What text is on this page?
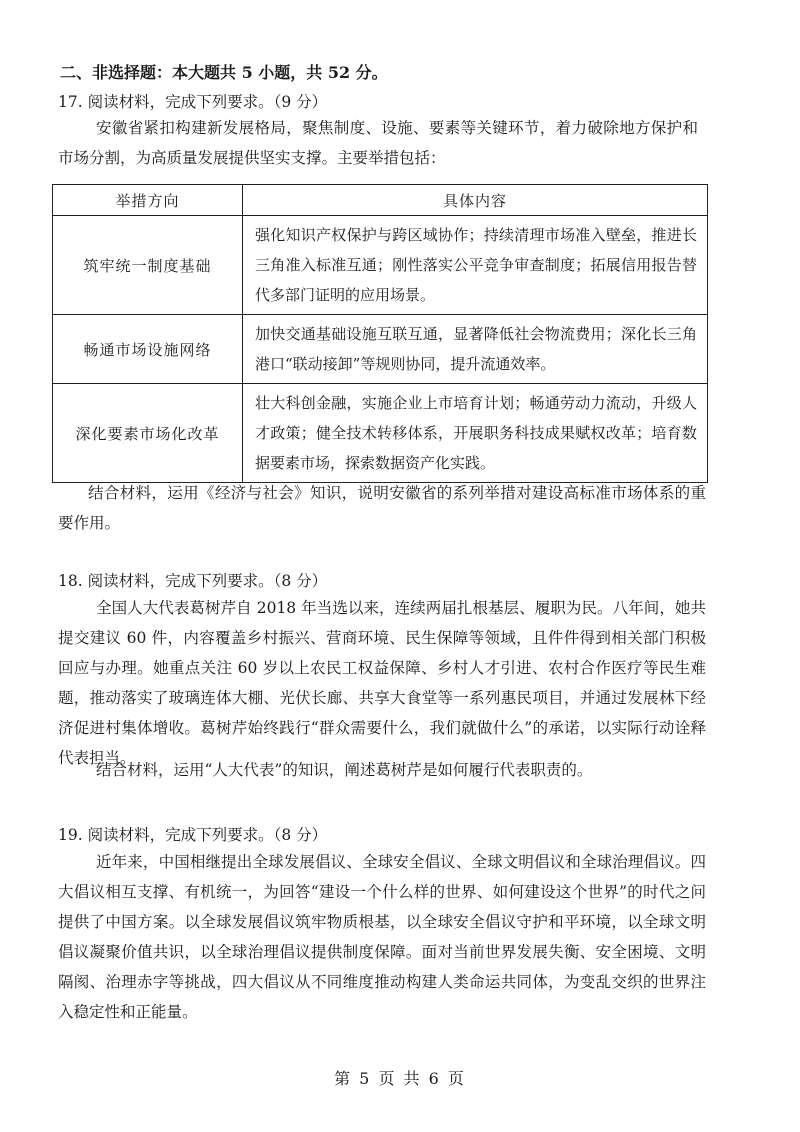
二、非选择题：本大题共 5 小题，共 52 分。
17. 阅读材料，完成下列要求。（9 分）
安徽省紧扣构建新发展格局，聚焦制度、设施、要素等关键环节，着力破除地方保护和市场分割，为高质量发展提供坚实支撑。主要举措包括：
举措方向	具体内容
筑牢统一制度基础	强化知识产权保护与跨区域协作；持续清理市场准入壁垒，推进长三角准入标准互通；刚性落实公平竞争审查制度；拓展信用报告替代多部门证明的应用场景。
畅通市场设施网络	加快交通基础设施互联互通，显著降低社会物流费用；深化长三角港口“联动接卸”等规则协同，提升流通效率。
深化要素市场化改革	壮大科创金融，实施企业上市培育计划；畅通劳动力流动，升级人才政策；健全技术转移体系，开展职务科技成果赋权改革；培育数据要素市场，探索数据资产化实践。
结合材料，运用《经济与社会》知识，说明安徽省的系列举措对建设高标准市场体系的重要作用。
18. 阅读材料，完成下列要求。（8 分）
全国人大代表葛树芹自 2018 年当选以来，连续两届扎根基层、履职为民。八年间，她共提交建议 60 件，内容覆盖乡村振兴、营商环境、民生保障等领域，且件件得到相关部门积极回应与办理。她重点关注 60 岁以上农民工权益保障、乡村人才引进、农村合作医疗等民生难题，推动落实了玻璃连体大棚、光伏长廊、共享大食堂等一系列惠民项目，并通过发展林下经济促进村集体增收。葛树芹始终践行“群众需要什么，我们就做什么”的承诺，以实际行动诠释代表担当。
结合材料，运用“人大代表”的知识，阐述葛树芹是如何履行代表职责的。
19. 阅读材料，完成下列要求。（8 分）
近年来，中国相继提出全球发展倡议、全球安全倡议、全球文明倡议和全球治理倡议。四大倡议相互支撑、有机统一，为回答“建设一个什么样的世界、如何建设这个世界”的时代之问提供了中国方案。以全球发展倡议筑牢物质根基，以全球安全倡议守护和平环境，以全球文明倡议凝聚价值共识，以全球治理倡议提供制度保障。面对当前世界发展失衡、安全困境、文明隔阂、治理赤字等挑战，四大倡议从不同维度推动构建人类命运共同体，为变乱交织的世界注入稳定性和正能量。
第 5 页 共 6 页
